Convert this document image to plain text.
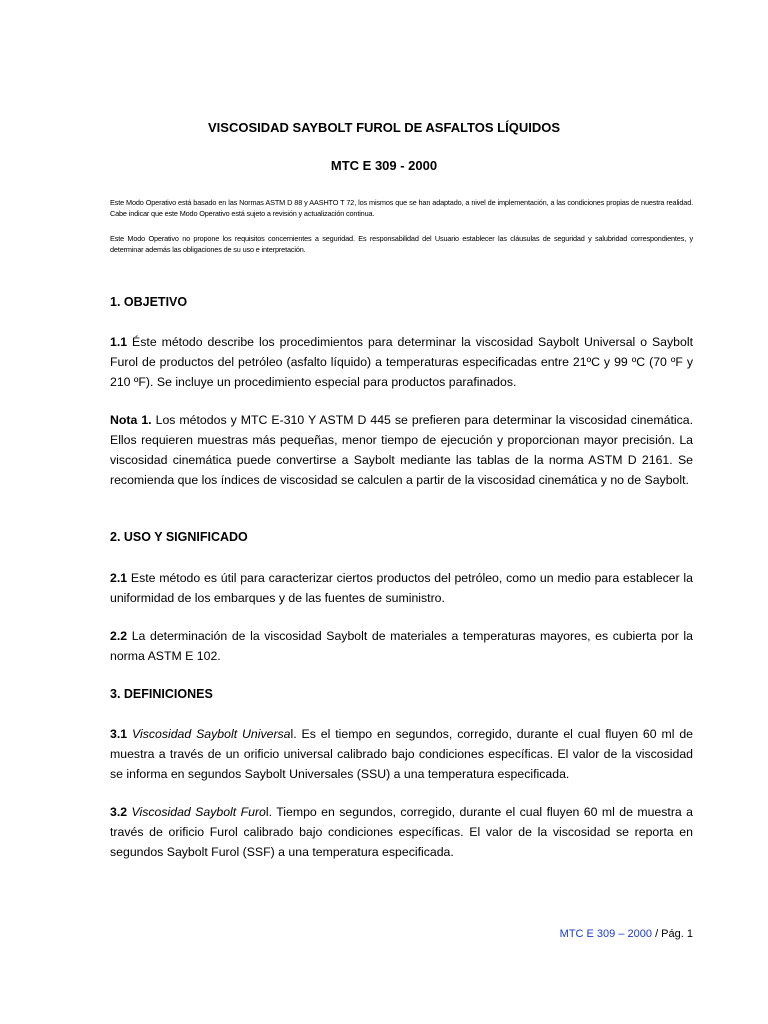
VISCOSIDAD SAYBOLT FUROL DE ASFALTOS LÍQUIDOS
MTC E 309 - 2000
Este Modo Operativo está basado en las Normas ASTM D 88 y AASHTO T 72, los mismos que se han adaptado, a nivel de implementación, a las condiciones propias de nuestra realidad. Cabe indicar que este Modo Operativo está sujeto a revisión y actualización continua.
Este Modo Operativo no propone los requisitos concernientes a seguridad. Es responsabilidad del Usuario establecer las cláusulas de seguridad y salubridad correspondientes, y determinar además las obligaciones de su uso e interpretación.
1. OBJETIVO
1.1 Éste método describe los procedimientos para determinar la viscosidad Saybolt Universal o Saybolt Furol de productos del petróleo (asfalto líquido) a temperaturas especificadas entre 21ºC y 99 ºC (70 ºF y 210 ºF). Se incluye un procedimiento especial para productos parafinados.
Nota 1. Los métodos y MTC E-310 Y ASTM D 445 se prefieren para determinar la viscosidad cinemática. Ellos requieren muestras más pequeñas, menor tiempo de ejecución y proporcionan mayor precisión. La viscosidad cinemática puede convertirse a Saybolt mediante las tablas de la norma ASTM D 2161. Se recomienda que los índices de viscosidad se calculen a partir de la viscosidad cinemática y no de Saybolt.
2. USO Y SIGNIFICADO
2.1 Este método es útil para caracterizar ciertos productos del petróleo, como un medio para establecer la uniformidad de los embarques y de las fuentes de suministro.
2.2 La determinación de la viscosidad Saybolt de materiales a temperaturas mayores, es cubierta por la norma ASTM E 102.
3. DEFINICIONES
3.1 Viscosidad Saybolt Universal. Es el tiempo en segundos, corregido, durante el cual fluyen 60 ml de muestra a través de un orificio universal calibrado bajo condiciones específicas. El valor de la viscosidad se informa en segundos Saybolt Universales (SSU) a una temperatura especificada.
3.2 Viscosidad Saybolt Furol. Tiempo en segundos, corregido, durante el cual fluyen 60 ml de muestra a través de orificio Furol calibrado bajo condiciones específicas. El valor de la viscosidad se reporta en segundos Saybolt Furol (SSF) a una temperatura especificada.
MTC E 309 – 2000 / Pág. 1
